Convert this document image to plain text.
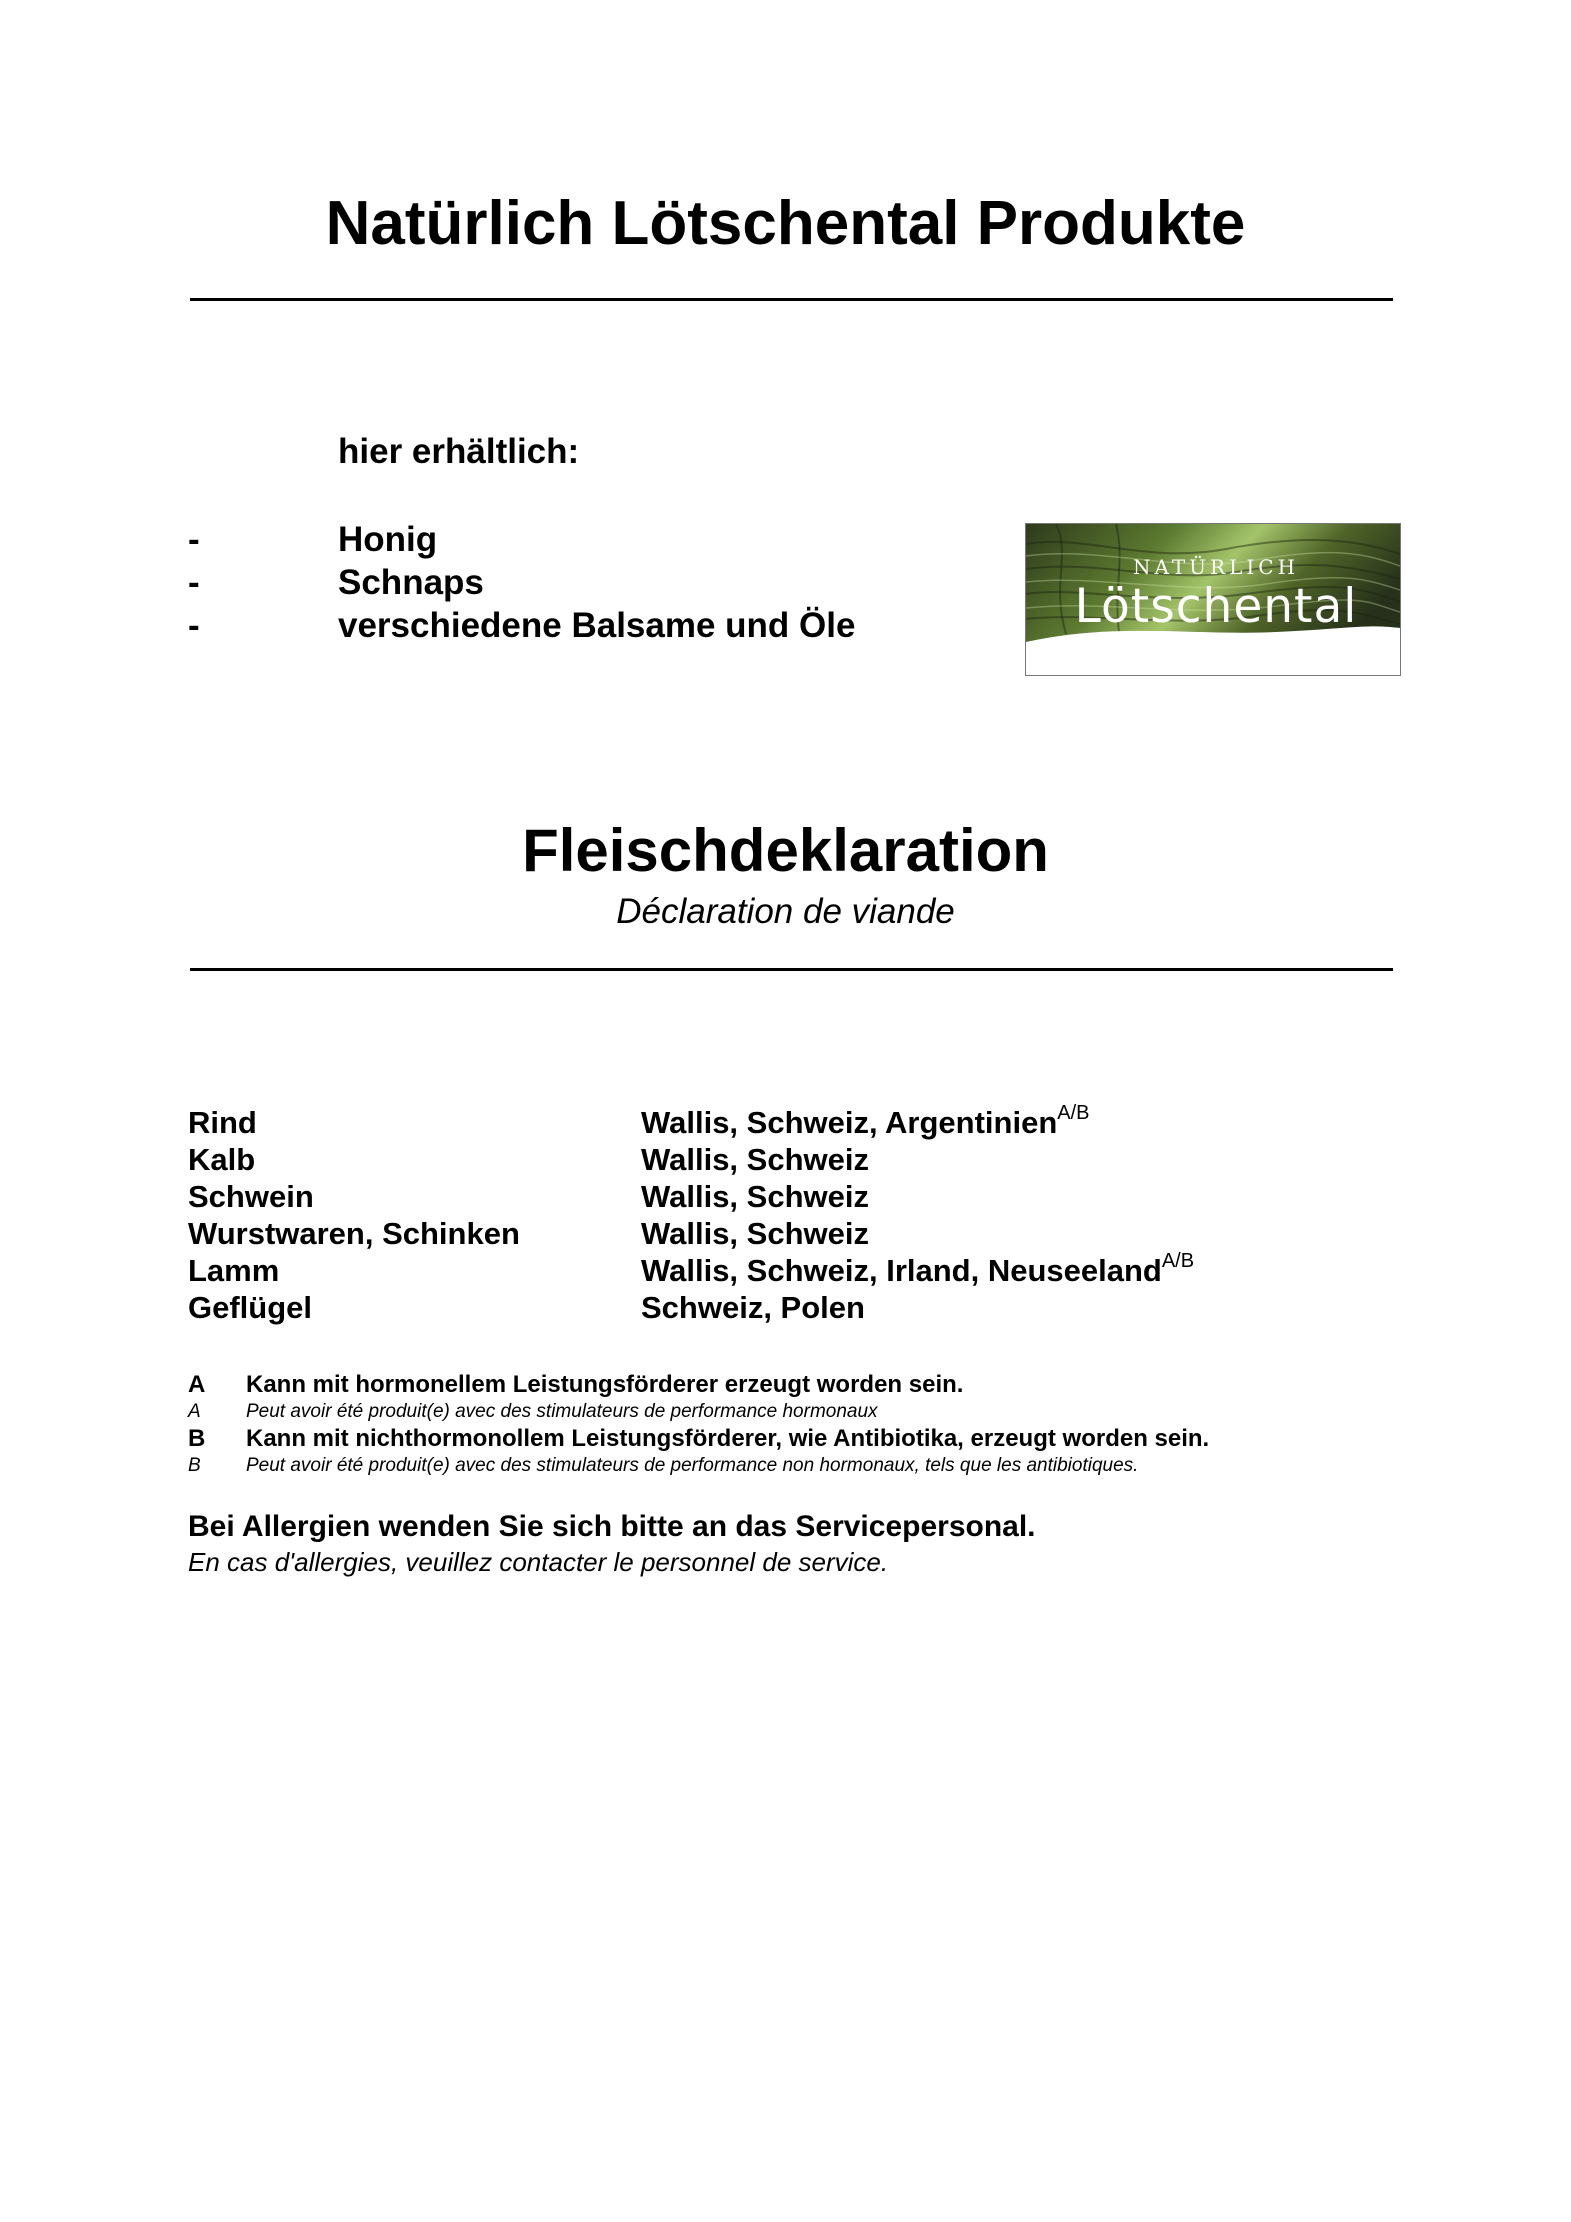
Natürlich Lötschental Produkte
hier erhältlich:
-	Honig
-	Schnaps
-	verschiedene Balsame und Öle
NATÜRLICH
Lötschental
Fleischdeklaration
Déclaration de viande
Rind	Wallis, Schweiz, Argentinien$^{A/B}$
Kalb	Wallis, Schweiz
Schwein	Wallis, Schweiz
Wurstwaren, Schinken	Wallis, Schweiz
Lamm	Wallis, Schweiz, Irland, Neuseeland$^{A/B}$
Geflügel	Schweiz, Polen
A Kann mit hormonellem Leistungsförderer erzeugt worden sein.
A Peut avoir été produit(e) avec des stimulateurs de performance hormonaux
B Kann mit nichthormonollem Leistungsförderer, wie Antibiotika, erzeugt worden sein.
B Peut avoir été produit(e) avec des stimulateurs de performance non hormonaux, tels que les antibiotiques.
Bei Allergien wenden Sie sich bitte an das Servicepersonal.
En cas d'allergies, veuillez contacter le personnel de service.
